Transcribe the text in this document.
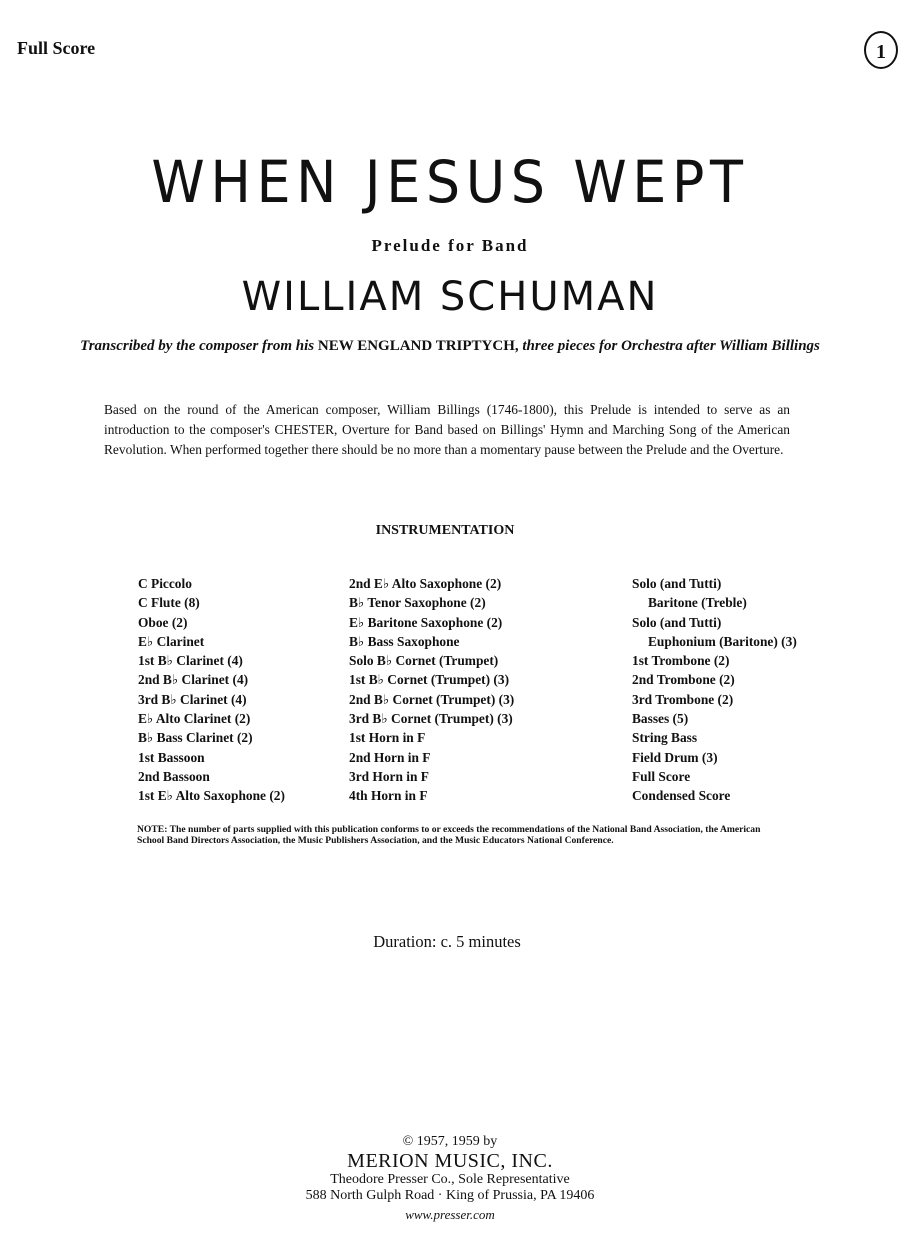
Full Score	1
WHEN JESUS WEPT
Prelude for Band
WILLIAM SCHUMAN
Transcribed by the composer from his NEW ENGLAND TRIPTYCH, three pieces for Orchestra after William Billings
Based on the round of the American composer, William Billings (1746-1800), this Prelude is intended to serve as an introduction to the composer's CHESTER, Overture for Band based on Billings' Hymn and Marching Song of the American Revolution. When performed together there should be no more than a momentary pause between the Prelude and the Overture.
INSTRUMENTATION
C Piccolo
C Flute (8)
Oboe (2)
E♭ Clarinet
1st B♭ Clarinet (4)
2nd B♭ Clarinet (4)
3rd B♭ Clarinet (4)
E♭ Alto Clarinet (2)
B♭ Bass Clarinet (2)
1st Bassoon
2nd Bassoon
1st E♭ Alto Saxophone (2)
2nd E♭ Alto Saxophone (2)
B♭ Tenor Saxophone (2)
E♭ Baritone Saxophone (2)
B♭ Bass Saxophone
Solo B♭ Cornet (Trumpet)
1st B♭ Cornet (Trumpet) (3)
2nd B♭ Cornet (Trumpet) (3)
3rd B♭ Cornet (Trumpet) (3)
1st Horn in F
2nd Horn in F
3rd Horn in F
4th Horn in F
Solo (and Tutti)
Baritone (Treble)
Solo (and Tutti)
Euphonium (Baritone) (3)
1st Trombone (2)
2nd Trombone (2)
3rd Trombone (2)
Basses (5)
String Bass
Field Drum (3)
Full Score
Condensed Score
NOTE: The number of parts supplied with this publication conforms to or exceeds the recommendations of the National Band Association, the American School Band Directors Association, the Music Publishers Association, and the Music Educators National Conference.
Duration: c. 5 minutes
© 1957, 1959 by
MERION MUSIC, INC.
Theodore Presser Co., Sole Representative
588 North Gulph Road · King of Prussia, PA 19406
www.presser.com
